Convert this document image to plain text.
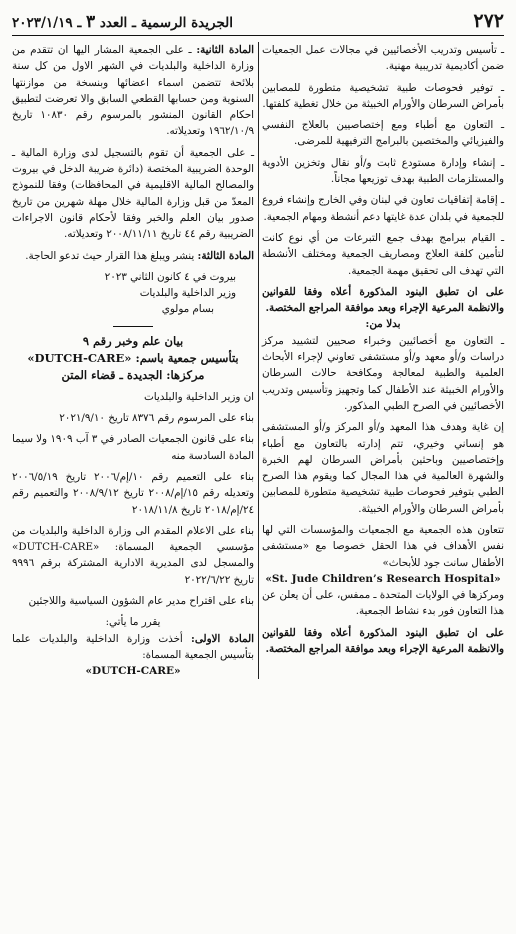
٢٧٢
الجريدة الرسمية ـ العدد ٣ ـ ٢٠٢٣/١/١٩

ـ تأسيس وتدريب الأخصائيين في مجالات عمل الجمعيات ضمن أكاديمية تدريبية مهنية.

ـ توفير فحوصات طبية تشخيصية متطورة للمصابين بأمراض السرطان والأورام الخبيثة من خلال تغطية كلفتها.

ـ التعاون مع أطباء ومع إختصاصيين بالعلاج النفسي والفيزيائي والمختصين بالبرامج الترفيهية للمرضى.

ـ إنشاء وإدارة مستودع ثابت و/أو نقال وتخزين الأدوية والمستلزمات الطبية بهدف توزيعها مجاناً.

ـ إقامة إتفاقيات تعاون في لبنان وفي الخارج وإنشاء فروع للجمعية في بلدان عدة غايتها دعم أنشطة ومهام الجمعية.

ـ القيام ببرامج بهدف جمع التبرعات من أي نوع كانت لتأمين كلفة العلاج ومصاريف الجمعية ومختلف الأنشطة التي تهدف الى تحقيق مهمة الجمعية.

على ان تطبق البنود المذكورة أعلاه وفقا للقوانين والانظمة المرعية الإجراء وبعد موافقة المراجع المختصة.

بدلا من:

ـ التعاون مع أخصائيين وخبراء صحيين لتشييد مركز دراسات و/أو معهد و/أو مستشفى تعاوني لإجراء الأبحاث العلمية والطبية لمعالجة ومكافحة حالات السرطان والأورام الخبيثة عند الأطفال كما وتجهيز وتأسيس وتدريب الأخصائيين في الصرح الطبي المذكور.

إن غاية وهدف هذا المعهد و/أو المركز و/أو المستشفى هو إنساني وخيري، تتم إدارته بالتعاون مع أطباء وإختصاصيين وباحثين بأمراض السرطان لهم الخبرة والشهرة العالمية في هذا المجال كما ويقوم هذا الصرح الطبي بتوفير فحوصات طبية تشخيصية متطورة للمصابين بأمراض السرطان والأورام الخبيثة.

تتعاون هذه الجمعية مع الجمعيات والمؤسسات التي لها نفس الأهداف في هذا الحقل خصوصا مع «مستشفى الأطفال سانت جود للأبحاث»

«St. Jude Children’s Research Hospital»

ومركزها في الولايات المتحدة ـ ممفس، على أن يعلن عن هذا التعاون فور بدء نشاط الجمعية.

على ان تطبق البنود المذكورة أعلاه وفقا للقوانين والانظمة المرعية الإجراء وبعد موافقة المراجع المختصة.

المادة الثانية: ـ على الجمعية المشار اليها ان تتقدم من وزارة الداخلية والبلديات في الشهر الاول من كل سنة بلائحة تتضمن اسماء اعضائها وبنسخة من موازنتها السنوية ومن حسابها القطعي السابق والا تعرضت لتطبيق احكام القانون المنشور بالمرسوم رقم ١٠٨٣٠ تاريخ ١٩٦٢/١٠/٩ وتعديلاته.

ـ على الجمعية أن تقوم بالتسجيل لدى وزارة المالية ـ الوحدة الضريبية المختصة (دائرة ضريبة الدخل في بيروت والمصالح المالية الاقليمية في المحافظات) وفقا للنموذج المعدّ من قبل وزارة المالية خلال مهلة شهرين من تاريخ صدور بيان العلم والخبر وفقا لأحكام قانون الاجراءات الضريبية رقم ٤٤ تاريخ ٢٠٠٨/١١/١١ وتعديلاته.

المادة الثالثة: ينشر ويبلغ هذا القرار حيث تدعو الحاجة.

بيروت في ٤ كانون الثاني ٢٠٢٣
وزير الداخلية والبلديات
بسام مولوي
بيان علم وخبر رقم ٩
بتأسيس جمعية باسم: «DUTCH-CARE»
مركزها: الجديدة ـ قضاء المتن

ان وزير الداخلية والبلديات

بناء على المرسوم رقم ٨٣٧٦ تاريخ ٢٠٢١/٩/١٠

بناء على قانون الجمعيات الصادر في ٣ آب ١٩٠٩ ولا سيما المادة السادسة منه

بناء على التعميم رقم ١٠/إم/٢٠٠٦ تاريخ ٢٠٠٦/٥/١٩ وتعديله رقم ١٥/إم/٢٠٠٨ تاريخ ٢٠٠٨/٩/١٢ والتعميم رقم ٢٤/إم/٢٠١٨ تاريخ ٢٠١٨/١١/٨

بناء على الاعلام المقدم الى وزارة الداخلية والبلديات من مؤسسي الجمعية المسماة: «DUTCH-CARE» والمسجل لدى المديرية الادارية المشتركة برقم ٩٩٩٦ تاريخ ٢٠٢٢/٦/٢٢

بناء على اقتراح مدير عام الشؤون السياسية واللاجئين

يقرر ما يأتي:

المادة الاولى: أخذت وزارة الداخلية والبلديات علما بتأسيس الجمعية المسماة:

«DUTCH-CARE»
